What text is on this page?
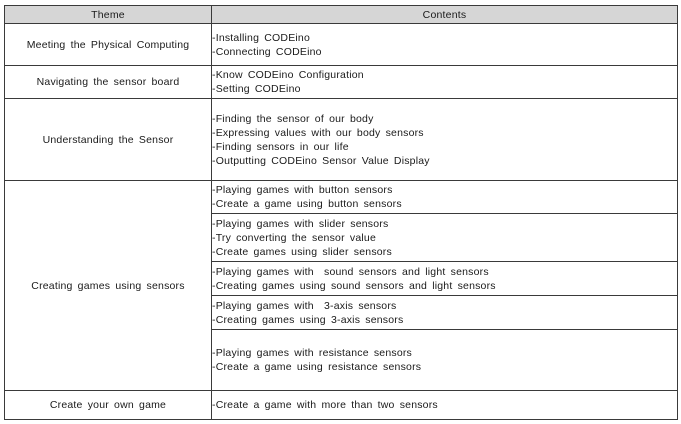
Theme	Contents
Meeting the Physical Computing	-Installing CODEino
-Connecting CODEino

Navigating the sensor board	-Know CODEino Configuration
-Setting CODEino

Understanding the Sensor	-Finding the sensor of our body
-Expressing values with our body sensors
-Finding sensors in our life
-Outputting CODEino Sensor Value Display

Creating games using sensors	-Playing games with button sensors
-Create a game using button sensors

	-Playing games with slider sensors
-Try converting the sensor value
-Create games using slider sensors

	-Playing games with  sound sensors and light sensors
-Creating games using sound sensors and light sensors

	-Playing games with  3-axis sensors
-Creating games using 3-axis sensors

	-Playing games with resistance sensors
-Create a game using resistance sensors

Create your own game	-Create a game with more than two sensors
